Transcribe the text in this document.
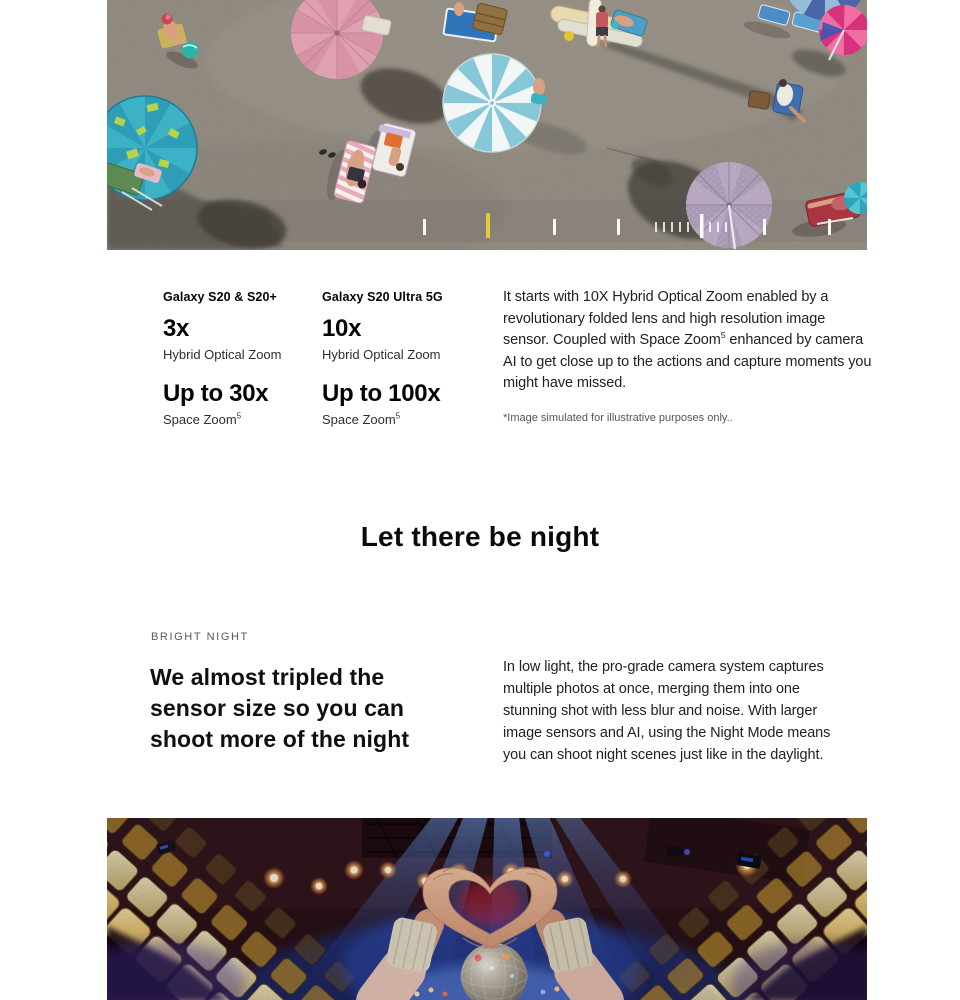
Galaxy S20 & S20+
3x
Hybrid Optical Zoom
Up to 30x
Space Zoom$^5$
Galaxy S20 Ultra 5G
10x
Hybrid Optical Zoom
Up to 100x
Space Zoom$^5$

It starts with 10X Hybrid Optical Zoom enabled by a revolutionary folded lens and high resolution image sensor. Coupled with Space Zoom$^5$ enhanced by camera AI to get close up to the actions and capture moments you might have missed.

*Image simulated for illustrative purposes only..

Let there be night
BRIGHT NIGHT
We almost tripled the sensor size so you can shoot more of the night

In low light, the pro-grade camera system captures multiple photos at once, merging them into one stunning shot with less blur and noise. With larger image sensors and AI, using the Night Mode means you can shoot night scenes just like in the daylight.
